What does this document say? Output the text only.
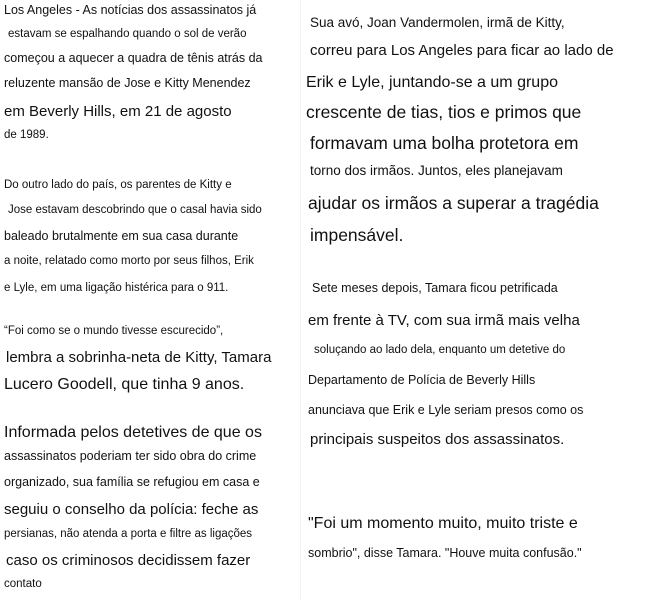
Los Angeles - As notícias dos assassinatos já
estavam se espalhando quando o sol de verão
começou a aquecer a quadra de tênis atrás da
reluzente mansão de Jose e Kitty Menendez
em Beverly Hills, em 21 de agosto
de 1989.
Do outro lado do país, os parentes de Kitty e
Jose estavam descobrindo que o casal havia sido
baleado brutalmente em sua casa durante
a noite, relatado como morto por seus filhos, Erik
e Lyle, em uma ligação histérica para o 911.
“Foi como se o mundo tivesse escurecido”,
lembra a sobrinha-neta de Kitty, Tamara
Lucero Goodell, que tinha 9 anos.
Informada pelos detetives de que os
assassinatos poderiam ter sido obra do crime
organizado, sua família se refugiou em casa e
seguiu o conselho da polícia: feche as
persianas, não atenda a porta e filtre as ligações
caso os criminosos decidissem fazer
contato
Sua avó, Joan Vandermolen, irmã de Kitty,
correu para Los Angeles para ficar ao lado de
Erik e Lyle, juntando-se a um grupo
crescente de tias, tios e primos que
formavam uma bolha protetora em
torno dos irmãos. Juntos, eles planejavam
ajudar os irmãos a superar a tragédia
impensável.
Sete meses depois, Tamara ficou petrificada
em frente à TV, com sua irmã mais velha
soluçando ao lado dela, enquanto um detetive do
Departamento de Polícia de Beverly Hills
anunciava que Erik e Lyle seriam presos como os
principais suspeitos dos assassinatos.
"Foi um momento muito, muito triste e
sombrio", disse Tamara. "Houve muita confusão."
